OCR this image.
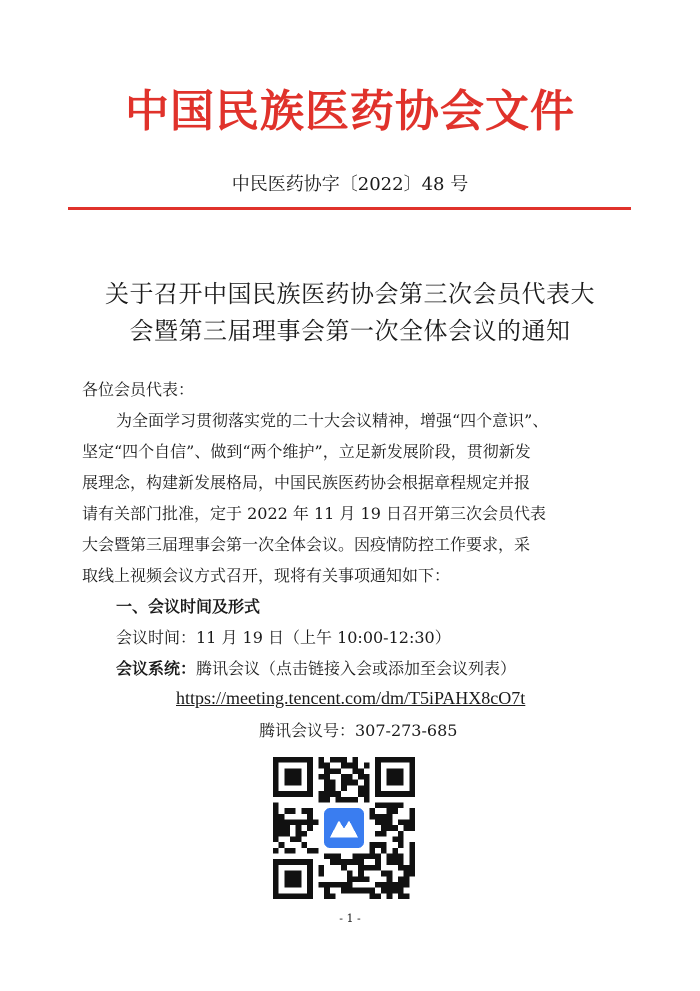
中国民族医药协会文件
中民医药协字〔2022〕48 号
关于召开中国民族医药协会第三次会员代表大
会暨第三届理事会第一次全体会议的通知
各位会员代表：
为全面学习贯彻落实党的二十大会议精神，增强“四个意识”、
坚定“四个自信”、做到“两个维护”，立足新发展阶段，贯彻新发
展理念，构建新发展格局，中国民族医药协会根据章程规定并报
请有关部门批准，定于 2022 年 11 月 19 日召开第三次会员代表
大会暨第三届理事会第一次全体会议。因疫情防控工作要求，采
取线上视频会议方式召开，现将有关事项通知如下：
一、会议时间及形式
会议时间：11 月 19 日（上午 10:00-12:30）
会议系统：腾讯会议（点击链接入会或添加至会议列表）
https://meeting.tencent.com/dm/T5iPAHX8cO7t
腾讯会议号：307-273-685
- 1 -
